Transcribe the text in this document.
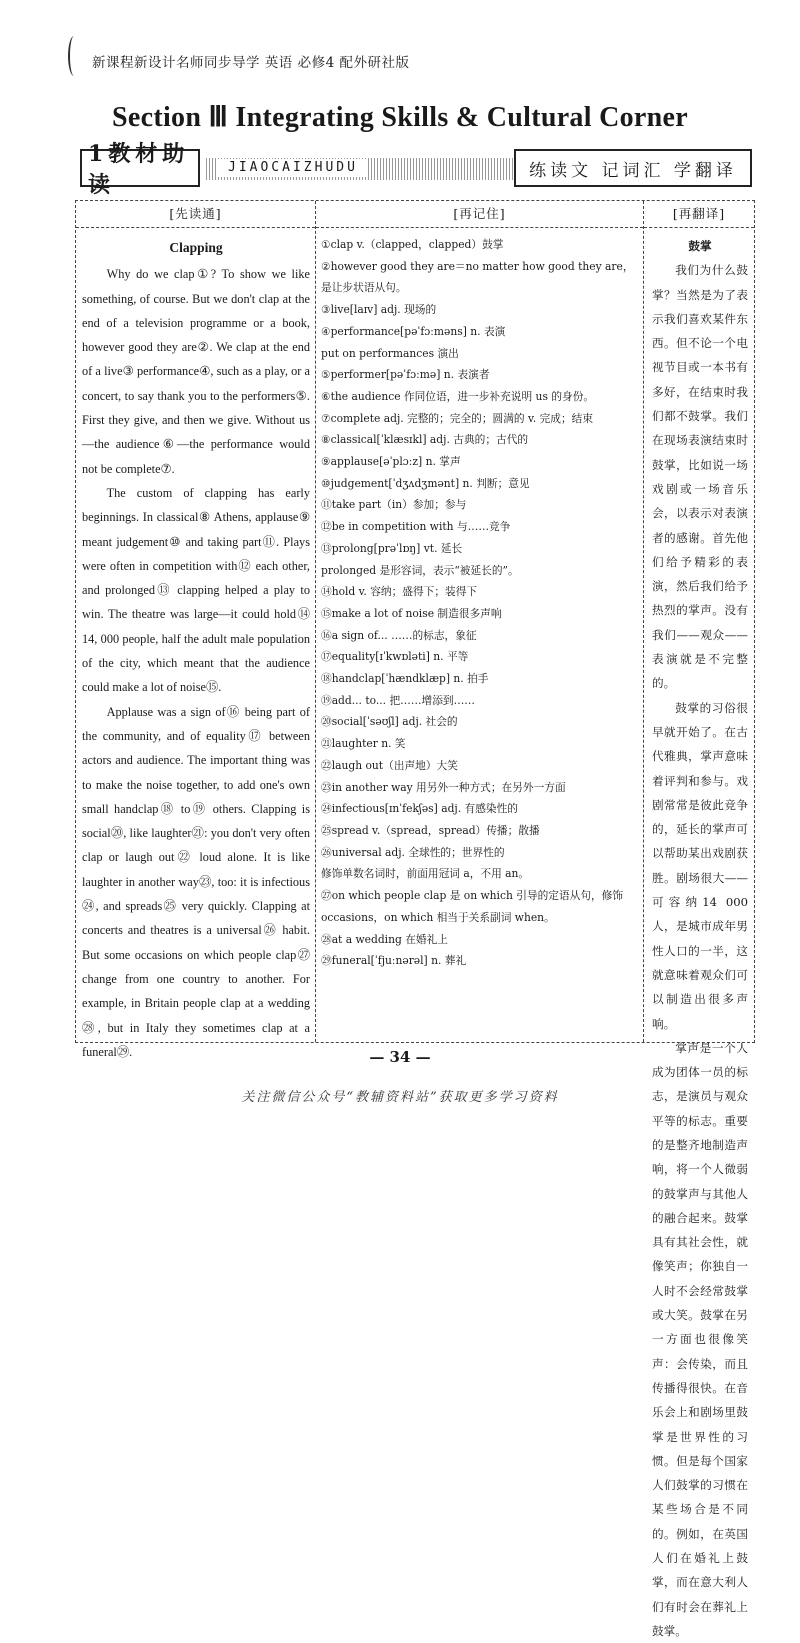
新课程新设计名师同步导学 英语 必修4 配外研社版
Section Ⅲ Integrating Skills & Cultural Corner
1教材助读
JIAOCAIZHUDU	练读文 记词汇 学翻译
[先读通]
Clapping

Why do we clap①? To show we like something, of course. But we don't clap at the end of a television programme or a book, however good they are②. We clap at the end of a live③ performance④, such as a play, or a concert, to say thank you to the performers⑤. First they give, and then we give. Without us—the audience⑥—the performance would not be complete⑦.

The custom of clapping has early beginnings. In classical⑧ Athens, applause⑨ meant judgement⑩ and taking part⑪. Plays were often in competition with⑫ each other, and prolonged⑬ clapping helped a play to win. The theatre was large—it could hold⑭ 14, 000 people, half the adult male population of the city, which meant that the audience could make a lot of noise⑮.

Applause was a sign of⑯ being part of the community, and of equality⑰ between actors and audience. The important thing was to make the noise together, to add one's own small handclap⑱ to⑲ others. Clapping is social⑳, like laughter㉑: you don't very often clap or laugh out㉒ loud alone. It is like laughter in another way㉓, too: it is infectious㉔, and spreads㉕ very quickly. Clapping at concerts and theatres is a universal㉖ habit. But some occasions on which people clap㉗ change from one country to another. For example, in Britain people clap at a wedding㉘, but in Italy they sometimes clap at a funeral㉙.

[再记住]
①clap v.（clapped，clapped）鼓掌
②however good they are＝no matter how good they are，是让步状语从句。
③live[laɪv] adj. 现场的
④performance[pəˈfɔːməns] n. 表演
put on performances 演出
⑤performer[pəˈfɔːmə] n. 表演者
⑥the audience 作同位语，进一步补充说明 us 的身份。
⑦complete adj. 完整的；完全的；圆满的 v. 完成；结束
⑧classical[ˈklæsɪkl] adj. 古典的；古代的
⑨applause[əˈplɔːz] n. 掌声
⑩judgement[ˈdʒʌdʒmənt] n. 判断；意见
⑪take part（in）参加；参与
⑫be in competition with 与……竞争
⑬prolong[prəˈlɒŋ] vt. 延长
prolonged 是形容词，表示“被延长的”。
⑭hold v. 容纳；盛得下；装得下
⑮make a lot of noise 制造很多声响
⑯a sign of... ……的标志，象征
⑰equality[ɪˈkwɒləti] n. 平等
⑱handclap[ˈhændklæp] n. 拍手
⑲add... to... 把……增添到……
⑳social[ˈsəʊʃl] adj. 社会的
㉑laughter n. 笑
㉒laugh out（出声地）大笑
㉓in another way 用另外一种方式；在另外一方面
㉔infectious[ɪnˈfekʃəs] adj. 有感染性的
㉕spread v.（spread，spread）传播；散播
㉖universal adj. 全球性的；世界性的
修饰单数名词时，前面用冠词 a，不用 an。
㉗on which people clap 是 on which 引导的定语从句，修饰 occasions，on which 相当于关系副词 when。
㉘at a wedding 在婚礼上
㉙funeral[ˈfjuːnərəl] n. 葬礼
[再翻译]
鼓掌

我们为什么鼓掌？当然是为了表示我们喜欢某件东西。但不论一个电视节目或一本书有多好，在结束时我们都不鼓掌。我们在现场表演结束时鼓掌，比如说一场戏剧或一场音乐会，以表示对表演者的感谢。首先他们给予精彩的表演，然后我们给予热烈的掌声。没有我们——观众——表演就是不完整的。

鼓掌的习俗很早就开始了。在古代雅典，掌声意味着评判和参与。戏剧常常是彼此竞争的，延长的掌声可以帮助某出戏剧获胜。剧场很大——可容纳14 000人，是城市成年男性人口的一半，这就意味着观众们可以制造出很多声响。

掌声是一个人成为团体一员的标志，是演员与观众平等的标志。重要的是整齐地制造声响，将一个人微弱的鼓掌声与其他人的融合起来。鼓掌具有其社会性，就像笑声；你独自一人时不会经常鼓掌或大笑。鼓掌在另一方面也很像笑声：会传染，而且传播得很快。在音乐会上和剧场里鼓掌是世界性的习惯。但是每个国家人们鼓掌的习惯在某些场合是不同的。例如，在英国人们在婚礼上鼓掌，而在意大利人们有时会在葬礼上鼓掌。

— 34 —
关注微信公众号“教辅资料站”获取更多学习资料
